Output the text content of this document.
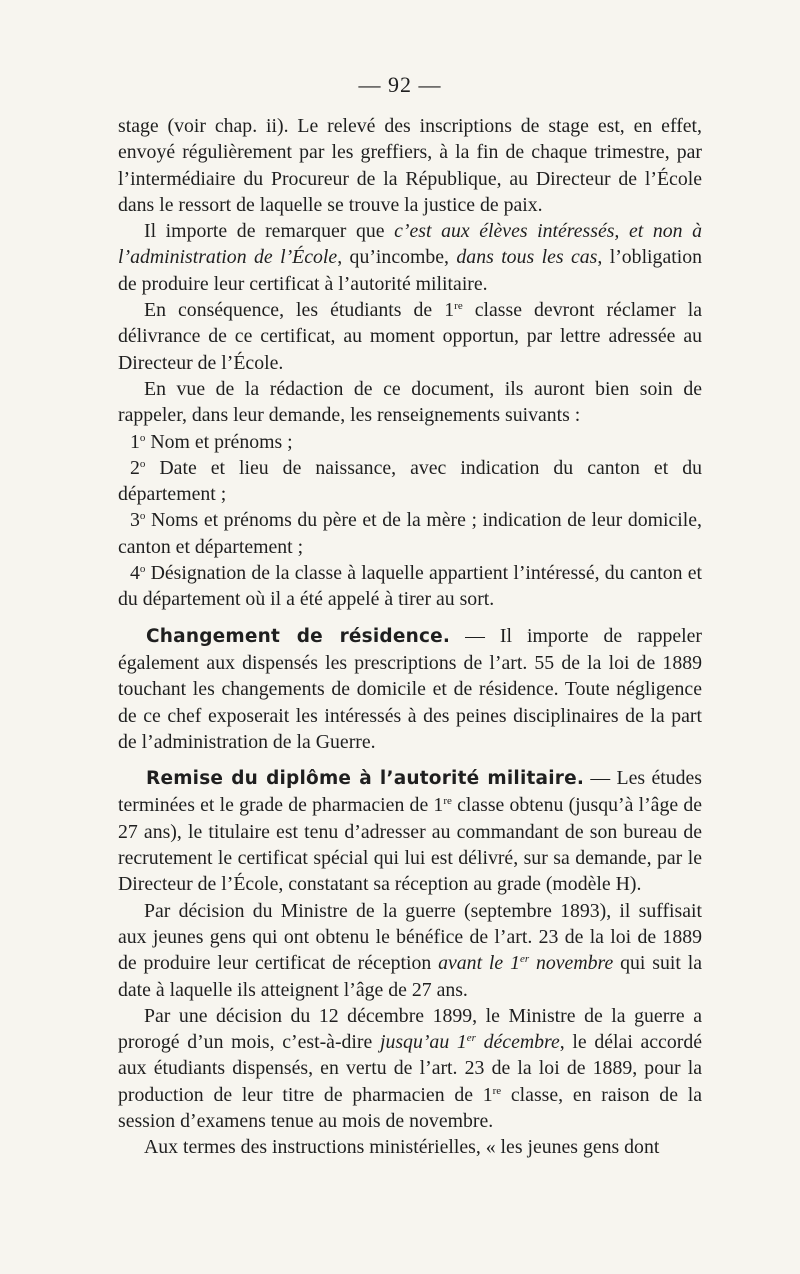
— 92 —

stage (voir chap. ii). Le relevé des inscriptions de stage est, en effet, envoyé régulièrement par les greffiers, à la fin de chaque trimestre, par l’intermédiaire du Procureur de la République, au Directeur de l’École dans le ressort de laquelle se trouve la justice de paix.

Il importe de remarquer que c’est aux élèves intéressés, et non à l’administration de l’École, qu’incombe, dans tous les cas, l’obligation de produire leur certificat à l’autorité militaire.

En conséquence, les étudiants de 1re classe devront réclamer la délivrance de ce certificat, au moment opportun, par lettre adressée au Directeur de l’École.

En vue de la rédaction de ce document, ils auront bien soin de rappeler, dans leur demande, les renseignements suivants :

1$^o$ Nom et prénoms ;

2$^o$ Date et lieu de naissance, avec indication du canton et du département ;

3$^o$ Noms et prénoms du père et de la mère ; indication de leur domicile, canton et département ;

4$^o$ Désignation de la classe à laquelle appartient l’intéressé, du canton et du département où il a été appelé à tirer au sort.

Changement de résidence. — Il importe de rappeler également aux dispensés les prescriptions de l’art. 55 de la loi de 1889 touchant les changements de domicile et de résidence. Toute négligence de ce chef exposerait les intéressés à des peines disciplinaires de la part de l’administration de la Guerre.

Remise du diplôme à l’autorité militaire. — Les études terminées et le grade de pharmacien de 1re classe obtenu (jusqu’à l’âge de 27 ans), le titulaire est tenu d’adresser au commandant de son bureau de recrutement le certificat spécial qui lui est délivré, sur sa demande, par le Directeur de l’École, constatant sa réception au grade (modèle H).

Par décision du Ministre de la guerre (septembre 1893), il suffisait aux jeunes gens qui ont obtenu le bénéfice de l’art. 23 de la loi de 1889 de produire leur certificat de réception avant le 1er novembre qui suit la date à laquelle ils atteignent l’âge de 27 ans.

Par une décision du 12 décembre 1899, le Ministre de la guerre a prorogé d’un mois, c’est-à-dire jusqu’au 1er décembre, le délai accordé aux étudiants dispensés, en vertu de l’art. 23 de la loi de 1889, pour la production de leur titre de pharmacien de 1re classe, en raison de la session d’examens tenue au mois de novembre.

Aux termes des instructions ministérielles, « les jeunes gens dont
